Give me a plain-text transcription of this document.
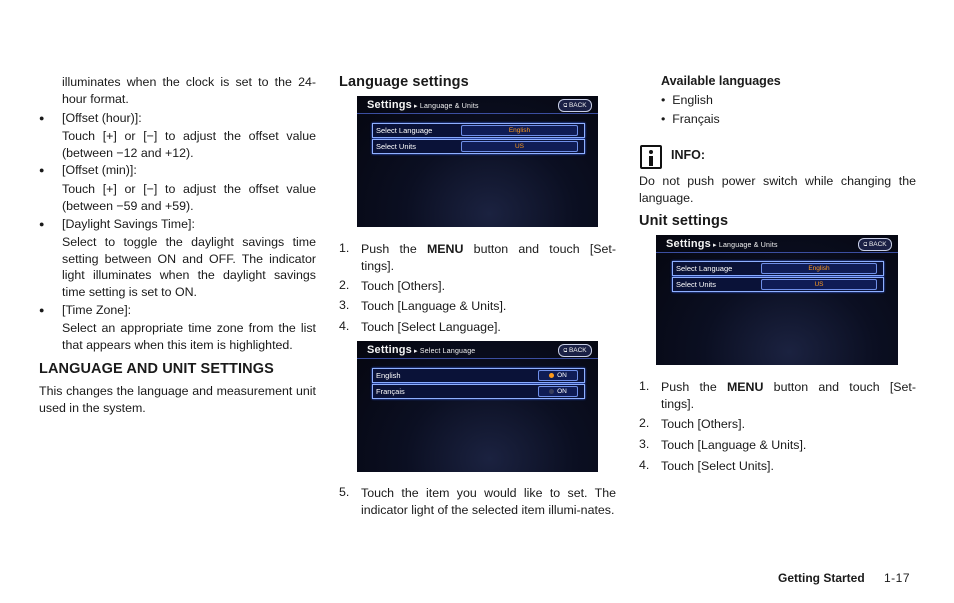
illuminates when the clock is set to the 24-hour format.
● [Offset (hour)]:
Touch [+] or [−] to adjust the offset value (between −12 and +12).
● [Offset (min)]:
Touch [+] or [−] to adjust the offset value (between −59 and +59).
● [Daylight Savings Time]:
Select to toggle the daylight savings time setting between ON and OFF. The indicator light illuminates when the daylight savings time setting is set to ON.
● [Time Zone]:
Select an appropriate time zone from the list that appears when this item is highlighted.
LANGUAGE AND UNIT SETTINGS
This changes the language and measurement unit used in the system.
Language settings
Settings ▸ Language & Units	⫑ BACK
Select Language	English
Select Units	US
1. Push the MENU button and touch [Set-tings].
2. Touch [Others].
3. Touch [Language & Units].
4. Touch [Select Language].
Settings ▸ Select Language	⫑ BACK
English	ON
Français	ON
5. Touch the item you would like to set. The indicator light of the selected item illumi-nates.
Available languages
•  English
•  Français
INFO:
Do not push power switch while changing the language.
Unit settings
Settings ▸ Language & Units	⫑ BACK
Select Language	English
Select Units	US
1. Push the MENU button and touch [Set-tings].
2. Touch [Others].
3. Touch [Language & Units].
4. Touch [Select Units].
Getting Started 1-17
